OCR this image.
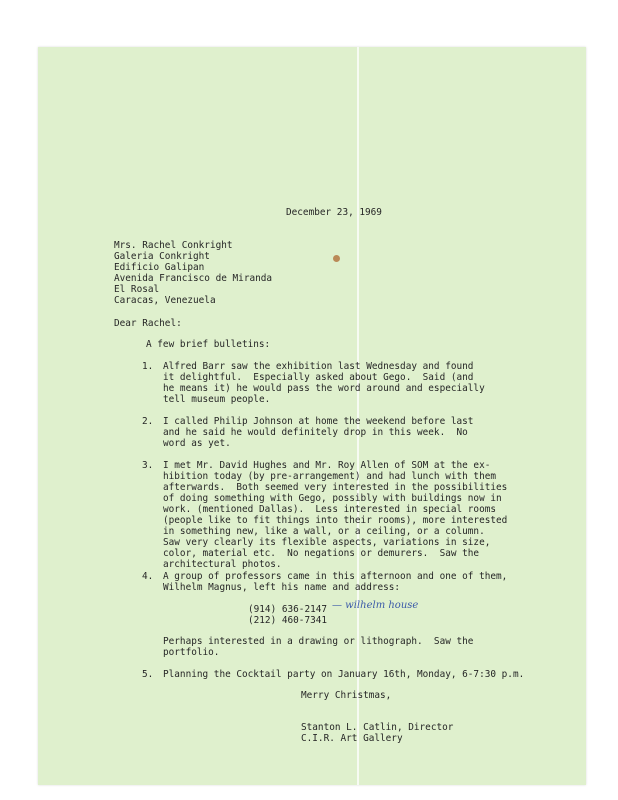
December 23, 1969

Mrs. Rachel Conkright

Galeria Conkright

Edificio Galipan

Avenida Francisco de Miranda

El Rosal

Caracas, Venezuela

Dear Rachel:

A few brief bulletins:

1. Alfred Barr saw the exhibition last Wednesday and found

it delightful.  Especially asked about Gego.  Said (and

he means it) he would pass the word around and especially

tell museum people.

2. I called Philip Johnson at home the weekend before last

and he said he would definitely drop in this week.  No

word as yet.

3. I met Mr. David Hughes and Mr. Roy Allen of SOM at the ex-

hibition today (by pre-arrangement) and had lunch with them

afterwards.  Both seemed very interested in the possibilities

of doing something with Gego, possibly with buildings now in

work. (mentioned Dallas).  Less interested in special rooms

(people like to fit things into their rooms), more interested

in something new, like a wall, or a ceiling, or a column.

Saw very clearly its flexible aspects, variations in size,

color, material etc.  No negations or demurers.  Saw the

architectural photos.

4. A group of professors came in this afternoon and one of them,

Wilhelm Magnus, left his name and address:

(914) 636-2147

(212) 460-7341

— wilhelm house

Perhaps interested in a drawing or lithograph.  Saw the

portfolio.

5. Planning the Cocktail party on January 16th, Monday, 6-7:30 p.m.

Merry Christmas,

Stanton L. Catlin, Director

C.I.R. Art Gallery
